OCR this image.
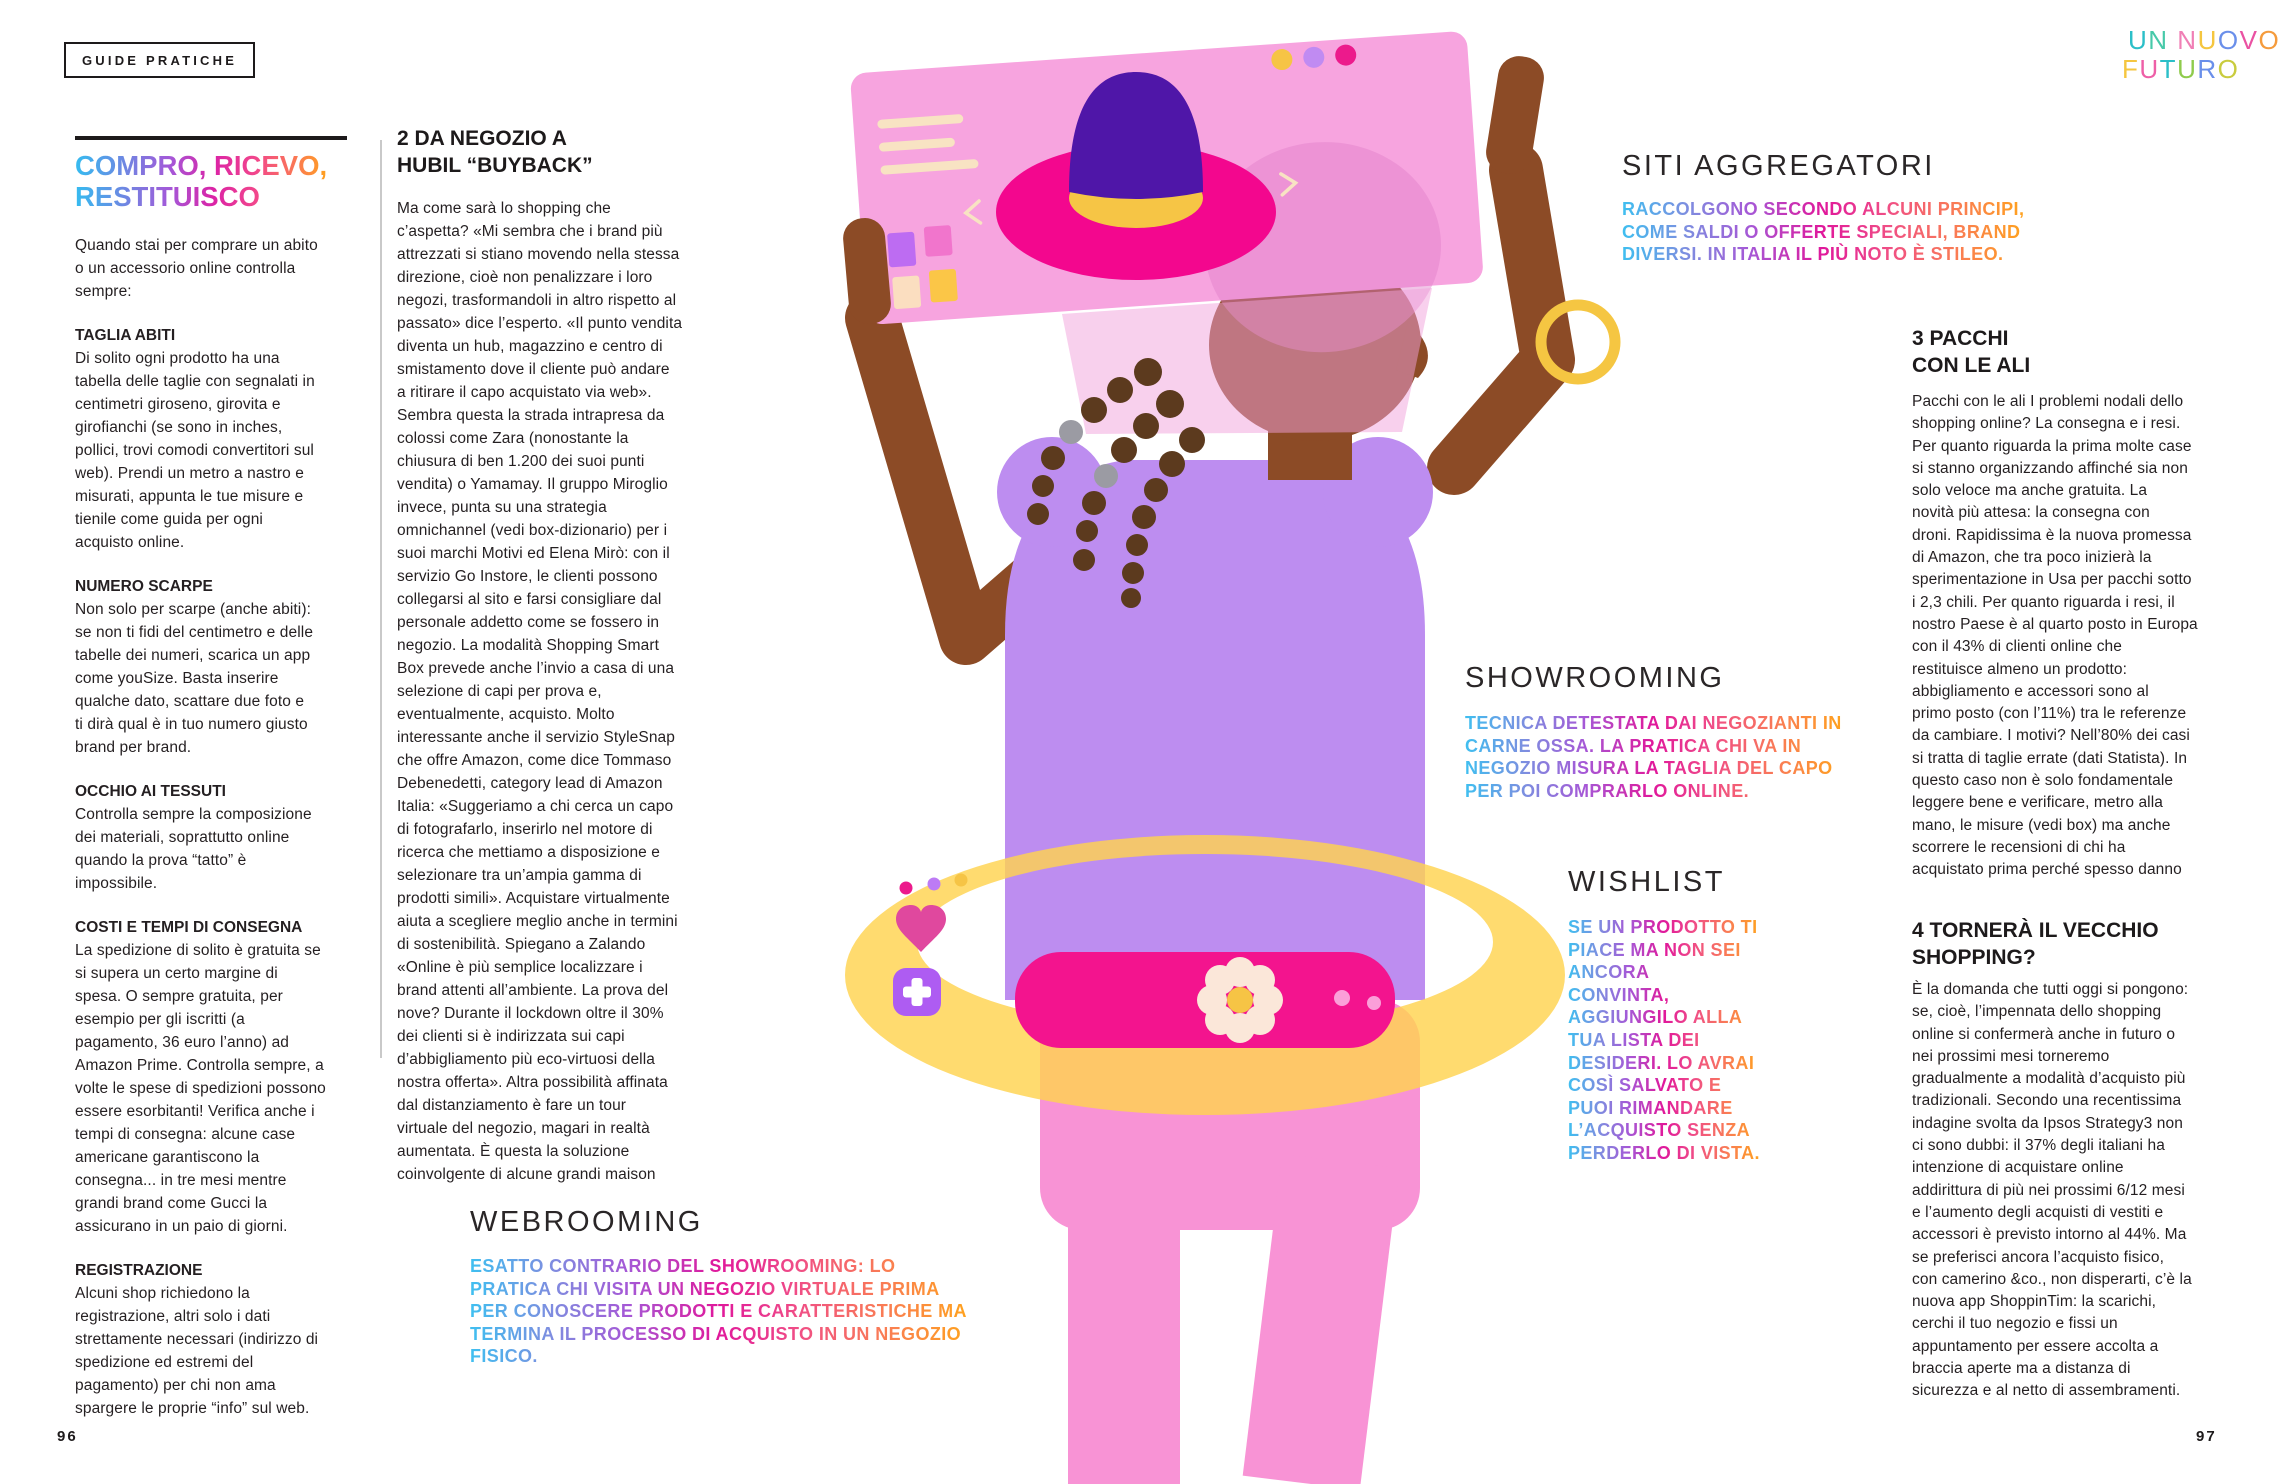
GUIDE PRATICHE
COMPRO, RICEVO,
RESTITUISCO

Quando stai per comprare un abito
o un accessorio online controlla
sempre:

TAGLIA ABITI

Di solito ogni prodotto ha una
tabella delle taglie con segnalati in
centimetri giroseno, girovita e
girofianchi (se sono in inches,
pollici, trovi comodi convertitori sul
web). Prendi un metro a nastro e
misurati, appunta le tue misure e
tienile come guida per ogni
acquisto online.

NUMERO SCARPE

Non solo per scarpe (anche abiti):
se non ti fidi del centimetro e delle
tabelle dei numeri, scarica un app
come youSize. Basta inserire
qualche dato, scattare due foto e
ti dirà qual è in tuo numero giusto
brand per brand.

OCCHIO AI TESSUTI

Controlla sempre la composizione
dei materiali, soprattutto online
quando la prova “tatto” è
impossibile.

COSTI E TEMPI DI CONSEGNA

La spedizione di solito è gratuita se
si supera un certo margine di
spesa. O sempre gratuita, per
esempio per gli iscritti (a
pagamento, 36 euro l’anno) ad
Amazon Prime. Controlla sempre, a
volte le spese di spedizioni possono
essere esorbitanti! Verifica anche i
tempi di consegna: alcune case
americane garantiscono la
consegna... in tre mesi mentre
grandi brand come Gucci la
assicurano in un paio di giorni.

REGISTRAZIONE

Alcuni shop richiedono la
registrazione, altri solo i dati
strettamente necessari (indirizzo di
spedizione ed estremi del
pagamento) per chi non ama
spargere le proprie “info” sul web.

2 DA NEGOZIO A
HUBIL “BUYBACK”

Ma come sarà lo shopping che
c’aspetta? «Mi sembra che i brand più
attrezzati si stiano movendo nella stessa
direzione, cioè non penalizzare i loro
negozi, trasformandoli in altro rispetto al
passato» dice l’esperto. «Il punto vendita
diventa un hub, magazzino e centro di
smistamento dove il cliente può andare
a ritirare il capo acquistato via web».
Sembra questa la strada intrapresa da
colossi come Zara (nonostante la
chiusura di ben 1.200 dei suoi punti
vendita) o Yamamay. Il gruppo Miroglio
invece, punta su una strategia
omnichannel (vedi box-dizionario) per i
suoi marchi Motivi ed Elena Mirò: con il
servizio Go Instore, le clienti possono
collegarsi al sito e farsi consigliare dal
personale addetto come se fossero in
negozio. La modalità Shopping Smart
Box prevede anche l’invio a casa di una
selezione di capi per prova e,
eventualmente, acquisto. Molto
interessante anche il servizio StyleSnap
che offre Amazon, come dice Tommaso
Debenedetti, category lead di Amazon
Italia: «Suggeriamo a chi cerca un capo
di fotografarlo, inserirlo nel motore di
ricerca che mettiamo a disposizione e
selezionare tra un’ampia gamma di
prodotti simili». Acquistare virtualmente
aiuta a scegliere meglio anche in termini
di sostenibilità. Spiegano a Zalando
«Online è più semplice localizzare i
brand attenti all’ambiente. La prova del
nove? Durante il lockdown oltre il 30%
dei clienti si è indirizzata sui capi
d’abbigliamento più eco-virtuosi della
nostra offerta». Altra possibilità affinata
dal distanziamento è fare un tour
virtuale del negozio, magari in realtà
aumentata. È questa la soluzione
coinvolgente di alcune grandi maison

WEBROOMING

ESATTO CONTRARIO DEL SHOWROOMING: LO
PRATICA CHI VISITA UN NEGOZIO VIRTUALE PRIMA
PER CONOSCERE PRODOTTI E CARATTERISTICHE MA
TERMINA IL PROCESSO DI ACQUISTO IN UN NEGOZIO
FISICO.

96
UN NUOVO
FUTURO
SITI AGGREGATORI

RACCOLGONO SECONDO ALCUNI PRINCIPI,
COME SALDI O OFFERTE SPECIALI, BRAND
DIVERSI. IN ITALIA IL PIÙ NOTO È STILEO.

SHOWROOMING

TECNICA DETESTATA DAI NEGOZIANTI IN
CARNE OSSA. LA PRATICA CHI VA IN
NEGOZIO MISURA LA TAGLIA DEL CAPO
PER POI COMPRARLO ONLINE.

WISHLIST

SE UN PRODOTTO TI
PIACE MA NON SEI
ANCORA
CONVINTA,
AGGIUNGILO ALLA
TUA LISTA DEI
DESIDERI. LO AVRAI
COSÌ SALVATO E
PUOI RIMANDARE
L’ACQUISTO SENZA
PERDERLO DI VISTA.

3 PACCHI
CON LE ALI

Pacchi con le ali I problemi nodali dello
shopping online? La consegna e i resi.
Per quanto riguarda la prima molte case
si stanno organizzando affinché sia non
solo veloce ma anche gratuita. La
novità più attesa: la consegna con
droni. Rapidissima è la nuova promessa
di Amazon, che tra poco inizierà la
sperimentazione in Usa per pacchi sotto
i 2,3 chili. Per quanto riguarda i resi, il
nostro Paese è al quarto posto in Europa
con il 43% di clienti online che
restituisce almeno un prodotto:
abbigliamento e accessori sono al
primo posto (con l’11%) tra le referenze
da cambiare. I motivi? Nell’80% dei casi
si tratta di taglie errate (dati Statista). In
questo caso non è solo fondamentale
leggere bene e verificare, metro alla
mano, le misure (vedi box) ma anche
scorrere le recensioni di chi ha
acquistato prima perché spesso danno

4 TORNERÀ IL VECCHIO
SHOPPING?

È la domanda che tutti oggi si pongono:
se, cioè, l’impennata dello shopping
online si confermerà anche in futuro o
nei prossimi mesi torneremo
gradualmente a modalità d’acquisto più
tradizionali. Secondo una recentissima
indagine svolta da Ipsos Strategy3 non
ci sono dubbi: il 37% degli italiani ha
intenzione di acquistare online
addirittura di più nei prossimi 6/12 mesi
e l’aumento degli acquisti di vestiti e
accessori è previsto intorno al 44%. Ma
se preferisci ancora l’acquisto fisico,
con camerino &co., non disperarti, c’è la
nuova app ShoppinTim: la scarichi,
cerchi il tuo negozio e fissi un
appuntamento per essere accolta a
braccia aperte ma a distanza di
sicurezza e al netto di assembramenti.

97
